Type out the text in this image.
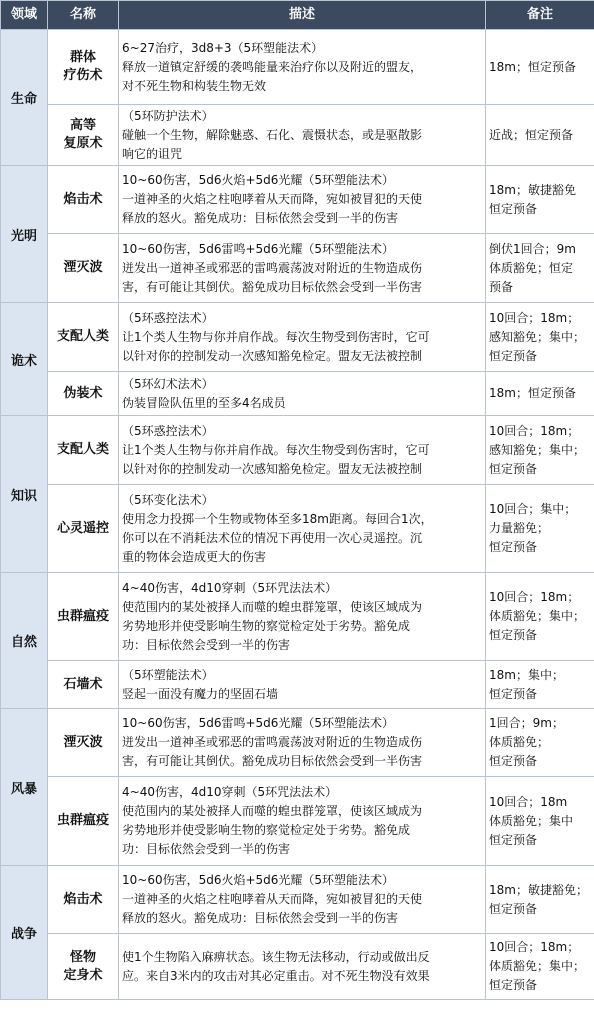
领域	名称	描述	备注
生命	群体
疗伤术	6~27治疗，3d8+3（5环塑能法术）
释放一道镇定舒缓的袭鸣能量来治疗你以及附近的盟友，
对不死生物和构装生物无效	18m；恒定预备

	高等
复原术	（5环防护法术）
碰触一个生物，解除魅惑、石化、震慑状态，或是驱散影
响它的诅咒	近战；恒定预备

光明	焰击术	10~60伤害，5d6火焰+5d6光耀（5环塑能法术）
一道神圣的火焰之柱咆哮着从天而降，宛如被冒犯的天使
释放的怒火。豁免成功：目标依然会受到一半的伤害	18m；敏捷豁免
恒定预备

	湮灭波	10~60伤害，5d6雷鸣+5d6光耀（5环塑能法术）
迸发出一道神圣或邪恶的雷鸣震荡波对附近的生物造成伤
害，有可能让其倒伏。豁免成功目标依然会受到一半伤害	倒伏1回合；9m
体质豁免；恒定
预备

诡术	支配人类	（5环惑控法术）
让1个类人生物与你并肩作战。每次生物受到伤害时，它可
以针对你的控制发动一次感知豁免检定。盟友无法被控制	10回合；18m；
感知豁免；集中；
恒定预备

	伪装术	（5环幻术法术）
伪装冒险队伍里的至多4名成员	18m；恒定预备

知识	支配人类	（5环惑控法术）
让1个类人生物与你并肩作战。每次生物受到伤害时，它可
以针对你的控制发动一次感知豁免检定。盟友无法被控制	10回合；18m；
感知豁免；集中；
恒定预备

	心灵遥控	（5环变化法术）
使用念力投掷一个生物或物体至多18m距离。每回合1次，
你可以在不消耗法术位的情况下再使用一次心灵遥控。沉
重的物体会造成更大的伤害	10回合；集中；
力量豁免；
恒定预备

自然	虫群瘟疫	4~40伤害，4d10穿刺（5环咒法法术）
使范围内的某处被择人而噬的蝗虫群笼罩，使该区域成为
劣势地形并使受影响生物的察觉检定处于劣势。豁免成
功：目标依然会受到一半的伤害	10回合；18m；
体质豁免；集中；
恒定预备

	石墙术	（5环塑能法术）
竖起一面没有魔力的坚固石墙	18m；集中；
恒定预备

风暴	湮灭波	10~60伤害，5d6雷鸣+5d6光耀（5环塑能法术）
迸发出一道神圣或邪恶的雷鸣震荡波对附近的生物造成伤
害，有可能让其倒伏。豁免成功目标依然会受到一半伤害	1回合；9m；
体质豁免；
恒定预备

	虫群瘟疫	4~40伤害，4d10穿刺（5环咒法法术）
使范围内的某处被择人而噬的蝗虫群笼罩，使该区域成为
劣势地形并使受影响生物的察觉检定处于劣势。豁免成
功：目标依然会受到一半的伤害	10回合；18m
体质豁免；集中
恒定预备

战争	焰击术	10~60伤害，5d6火焰+5d6光耀（5环塑能法术）
一道神圣的火焰之柱咆哮着从天而降，宛如被冒犯的天使
释放的怒火。豁免成功：目标依然会受到一半的伤害	18m；敏捷豁免；
恒定预备

	怪物
定身术	使1个生物陷入麻痹状态。该生物无法移动，行动或做出反
应。来自3米内的攻击对其必定重击。对不死生物没有效果	10回合；18m；
体质豁免；集中；
恒定预备
